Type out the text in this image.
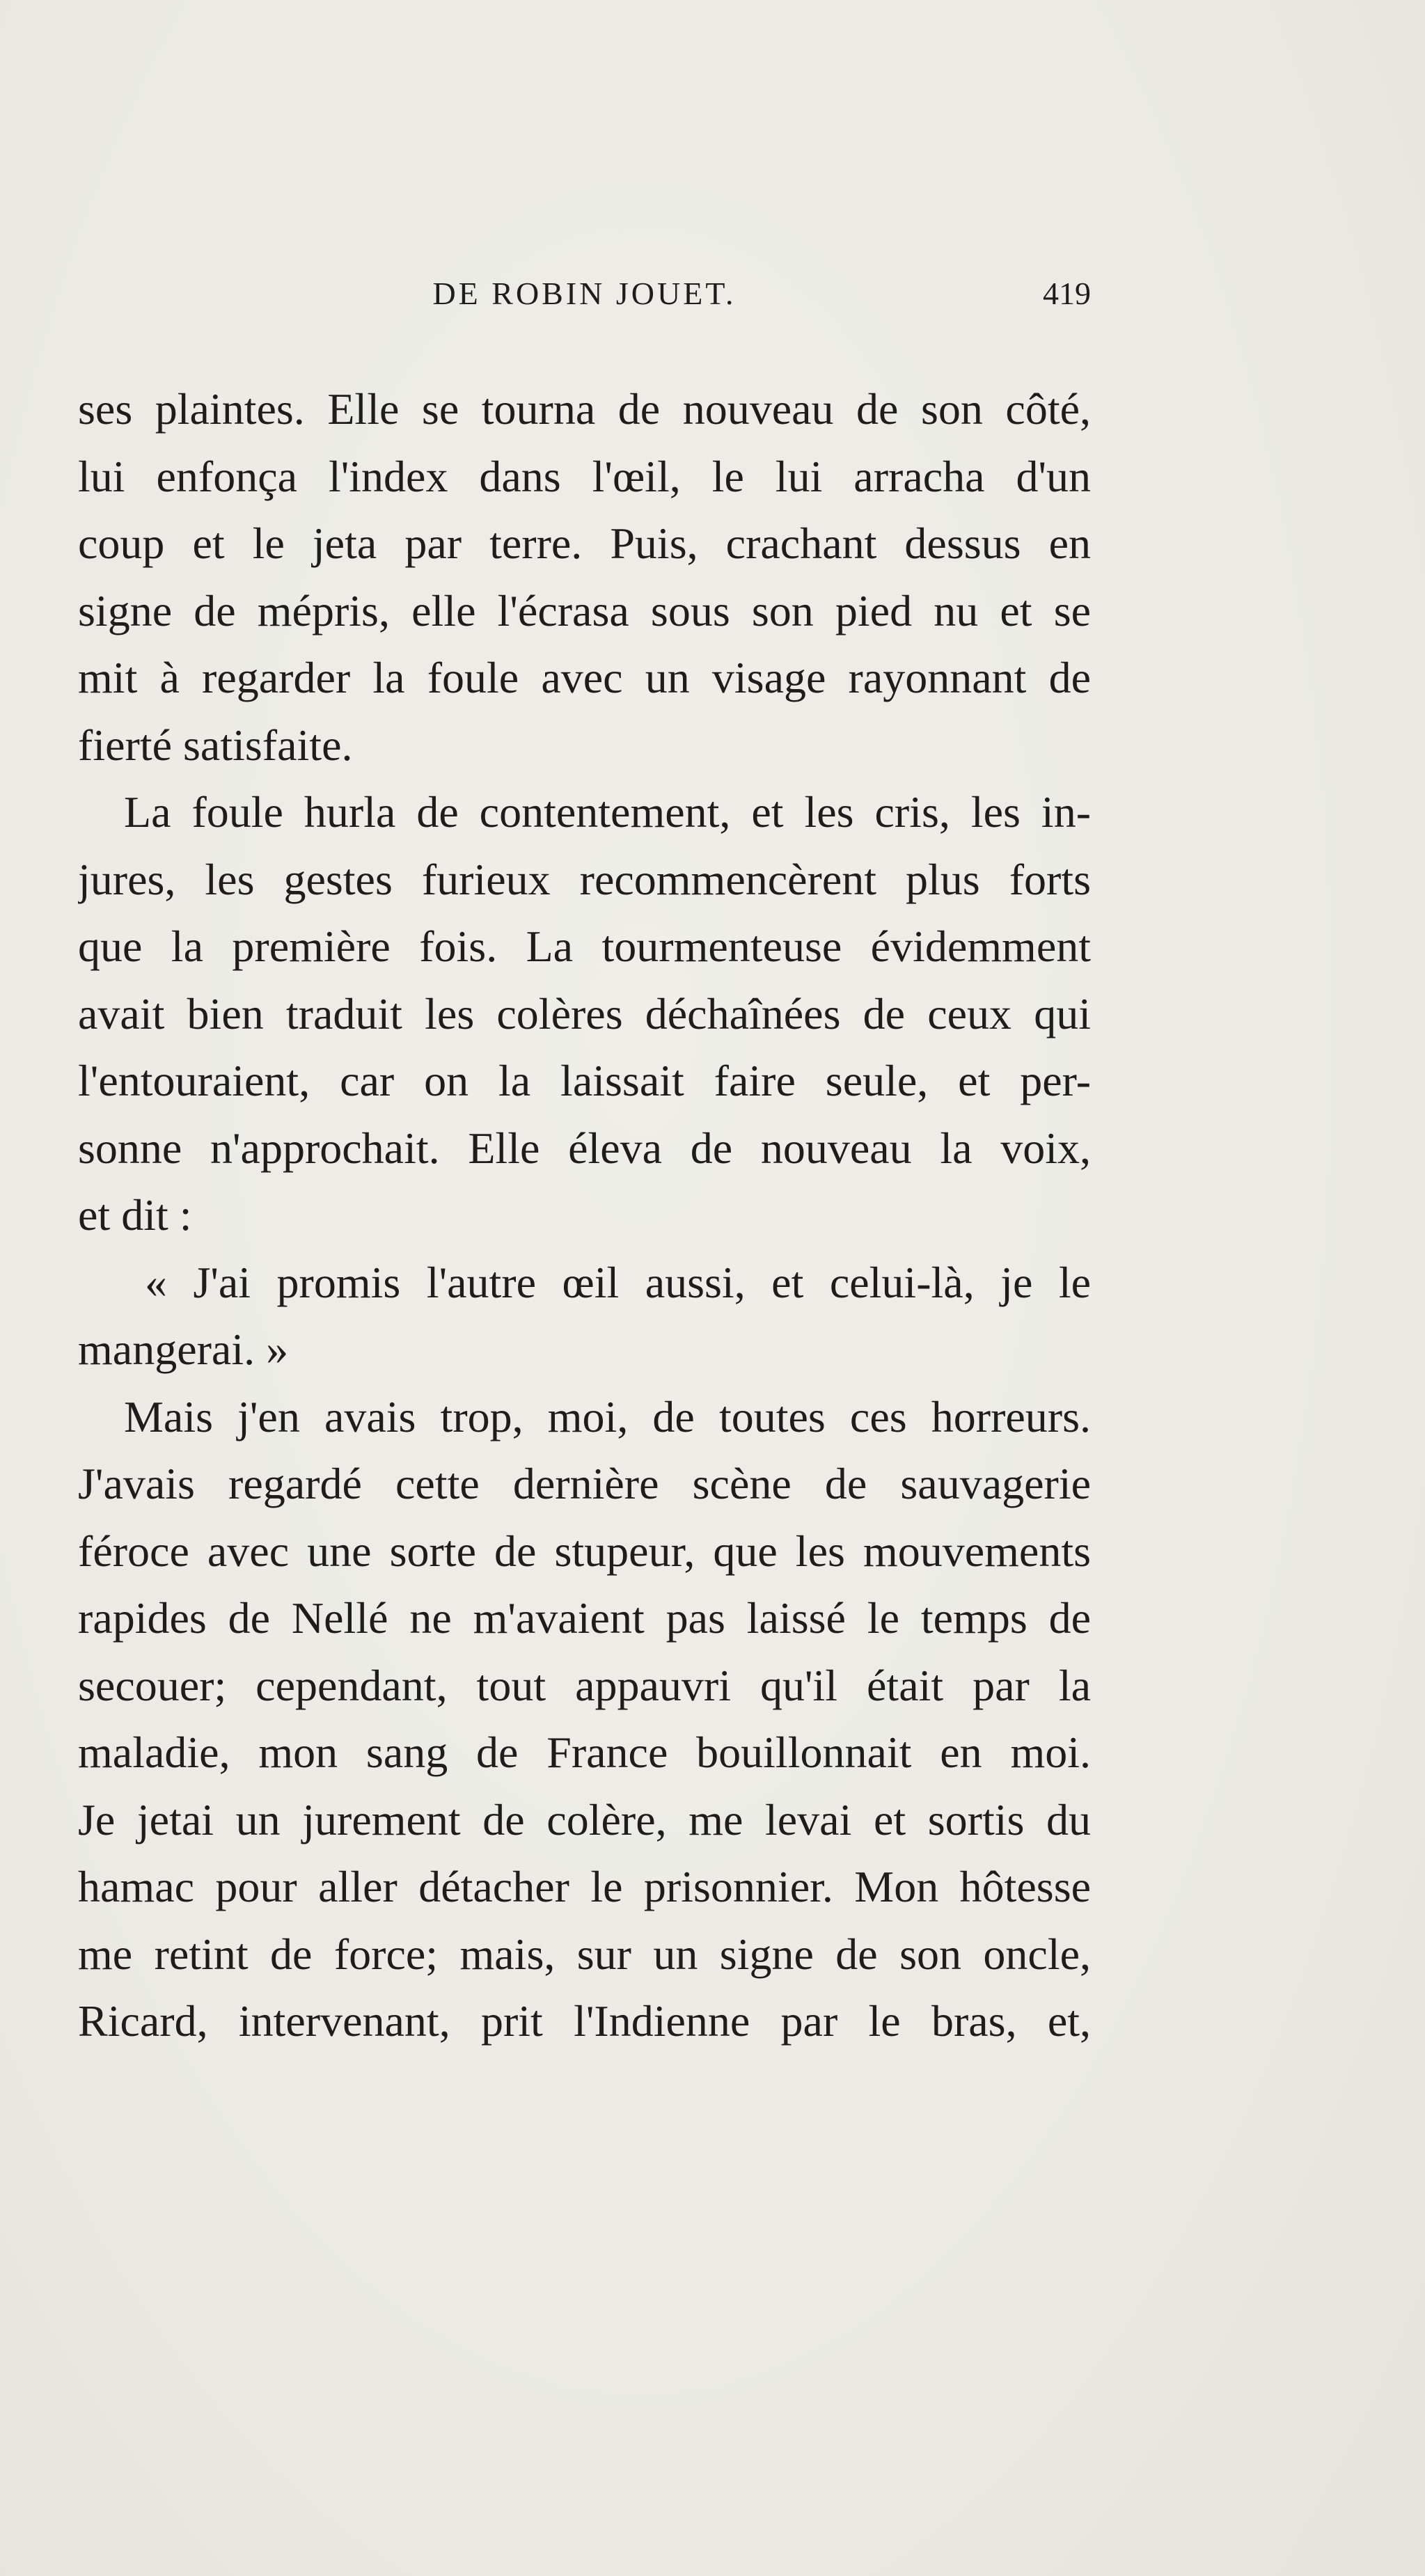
DE ROBIN JOUET.	419
ses plaintes. Elle se tourna de nouveau de son côté,
lui enfonça l'index dans l'œil, le lui arracha d'un
coup et le jeta par terre. Puis, crachant dessus en
signe de mépris, elle l'écrasa sous son pied nu et se
mit à regarder la foule avec un visage rayonnant de
fierté satisfaite.
La foule hurla de contentement, et les cris, les in-
jures, les gestes furieux recommencèrent plus forts
que la première fois. La tourmenteuse évidemment
avait bien traduit les colères déchaînées de ceux qui
l'entouraient, car on la laissait faire seule, et per-
sonne n'approchait. Elle éleva de nouveau la voix,
et dit :
« J'ai promis l'autre œil aussi, et celui-là, je le
mangerai. »
Mais j'en avais trop, moi, de toutes ces horreurs.
J'avais regardé cette dernière scène de sauvagerie
féroce avec une sorte de stupeur, que les mouvements
rapides de Nellé ne m'avaient pas laissé le temps de
secouer; cependant, tout appauvri qu'il était par la
maladie, mon sang de France bouillonnait en moi.
Je jetai un jurement de colère, me levai et sortis du
hamac pour aller détacher le prisonnier. Mon hôtesse
me retint de force; mais, sur un signe de son oncle,
Ricard, intervenant, prit l'Indienne par le bras, et,
